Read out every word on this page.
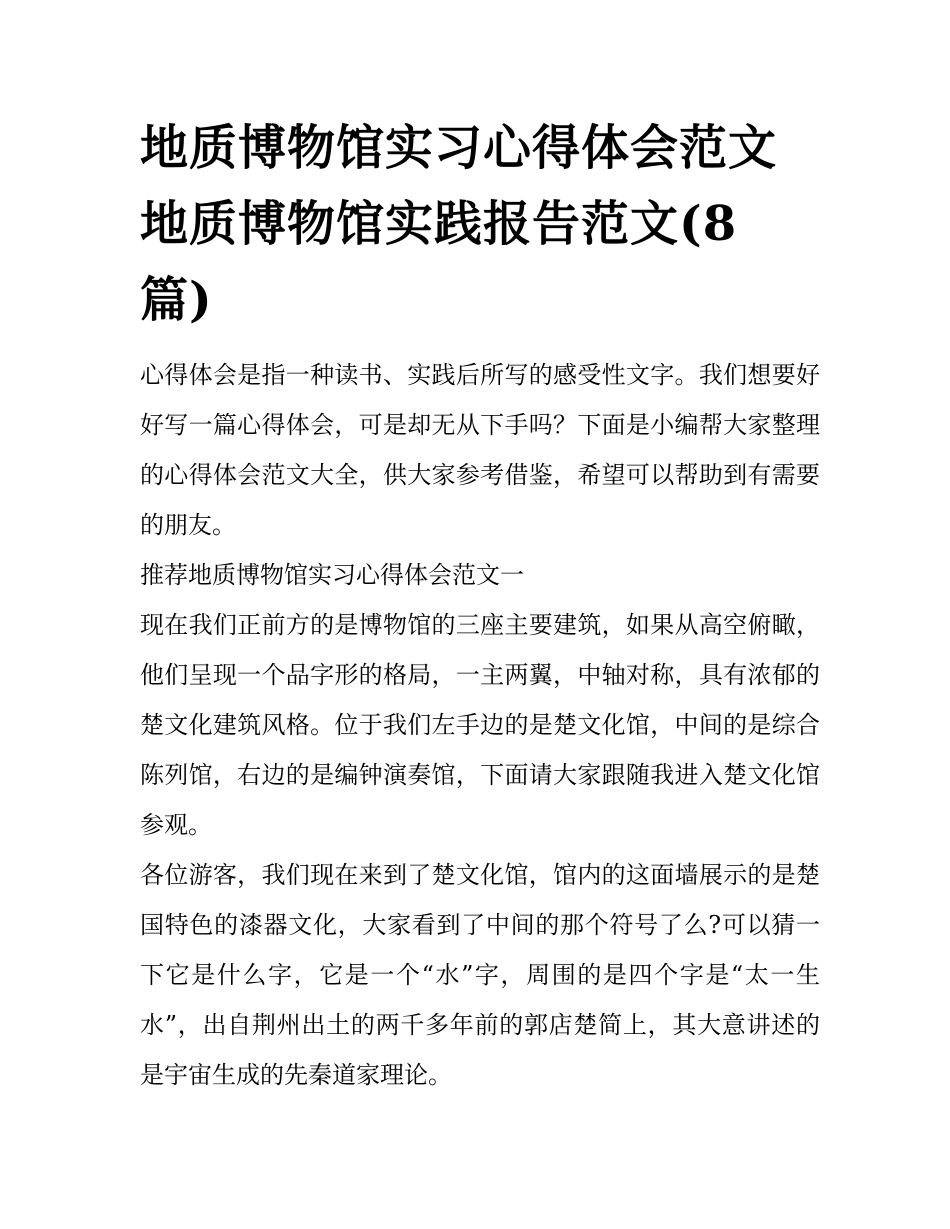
地质博物馆实习心得体会范文
地质博物馆实践报告范文(8
篇)

心得体会是指一种读书、实践后所写的感受性文字。我们想要好好写一篇心得体会，可是却无从下手吗？下面是小编帮大家整理的心得体会范文大全，供大家参考借鉴，希望可以帮助到有需要的朋友。

推荐地质博物馆实习心得体会范文一

现在我们正前方的是博物馆的三座主要建筑，如果从高空俯瞰，他们呈现一个品字形的格局，一主两翼，中轴对称，具有浓郁的楚文化建筑风格。位于我们左手边的是楚文化馆，中间的是综合陈列馆，右边的是编钟演奏馆，下面请大家跟随我进入楚文化馆参观。

各位游客，我们现在来到了楚文化馆，馆内的这面墙展示的是楚国特色的漆器文化，大家看到了中间的那个符号了么?可以猜一下它是什么字，它是一个“水”字，周围的是四个字是“太一生水”，出自荆州出土的两千多年前的郭店楚简上，其大意讲述的是宇宙生成的先秦道家理论。
